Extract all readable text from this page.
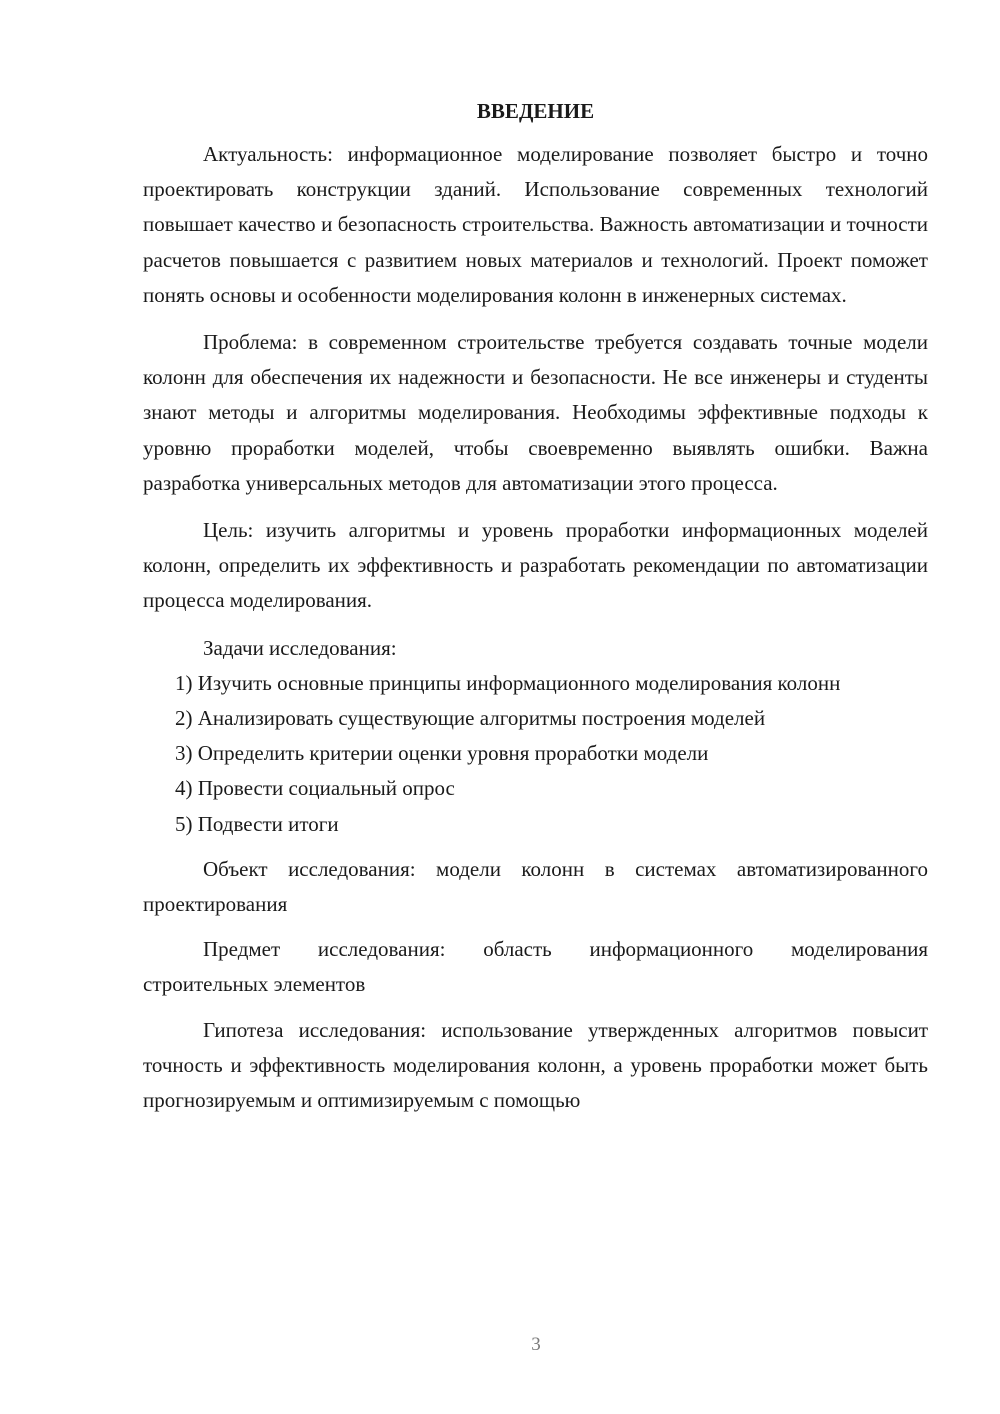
ВВЕДЕНИЕ

Актуальность: информационное моделирование позволяет быстро и точно проектировать конструкции зданий. Использование современных технологий повышает качество и безопасность строительства. Важность автоматизации и точности расчетов повышается с развитием новых материалов и технологий. Проект поможет понять основы и особенности моделирования колонн в инженерных системах.

Проблема: в современном строительстве требуется создавать точные модели колонн для обеспечения их надежности и безопасности. Не все инженеры и студенты знают методы и алгоритмы моделирования. Необходимы эффективные подходы к уровню проработки моделей, чтобы своевременно выявлять ошибки. Важна разработка универсальных методов для автоматизации этого процесса.

Цель: изучить алгоритмы и уровень проработки информационных моделей колонн, определить их эффективность и разработать рекомендации по автоматизации процесса моделирования.

Задачи исследования:

1) Изучить основные принципы информационного моделирования колонн

2) Анализировать существующие алгоритмы построения моделей

3) Определить критерии оценки уровня проработки модели

4) Провести социальный опрос

5) Подвести итоги

Объект исследования: модели колонн в системах автоматизированного проектирования

Предмет исследования: область информационного моделирования строительных элементов

Гипотеза исследования: использование утвержденных алгоритмов повысит точность и эффективность моделирования колонн, а уровень проработки может быть прогнозируемым и оптимизируемым с помощью

3
